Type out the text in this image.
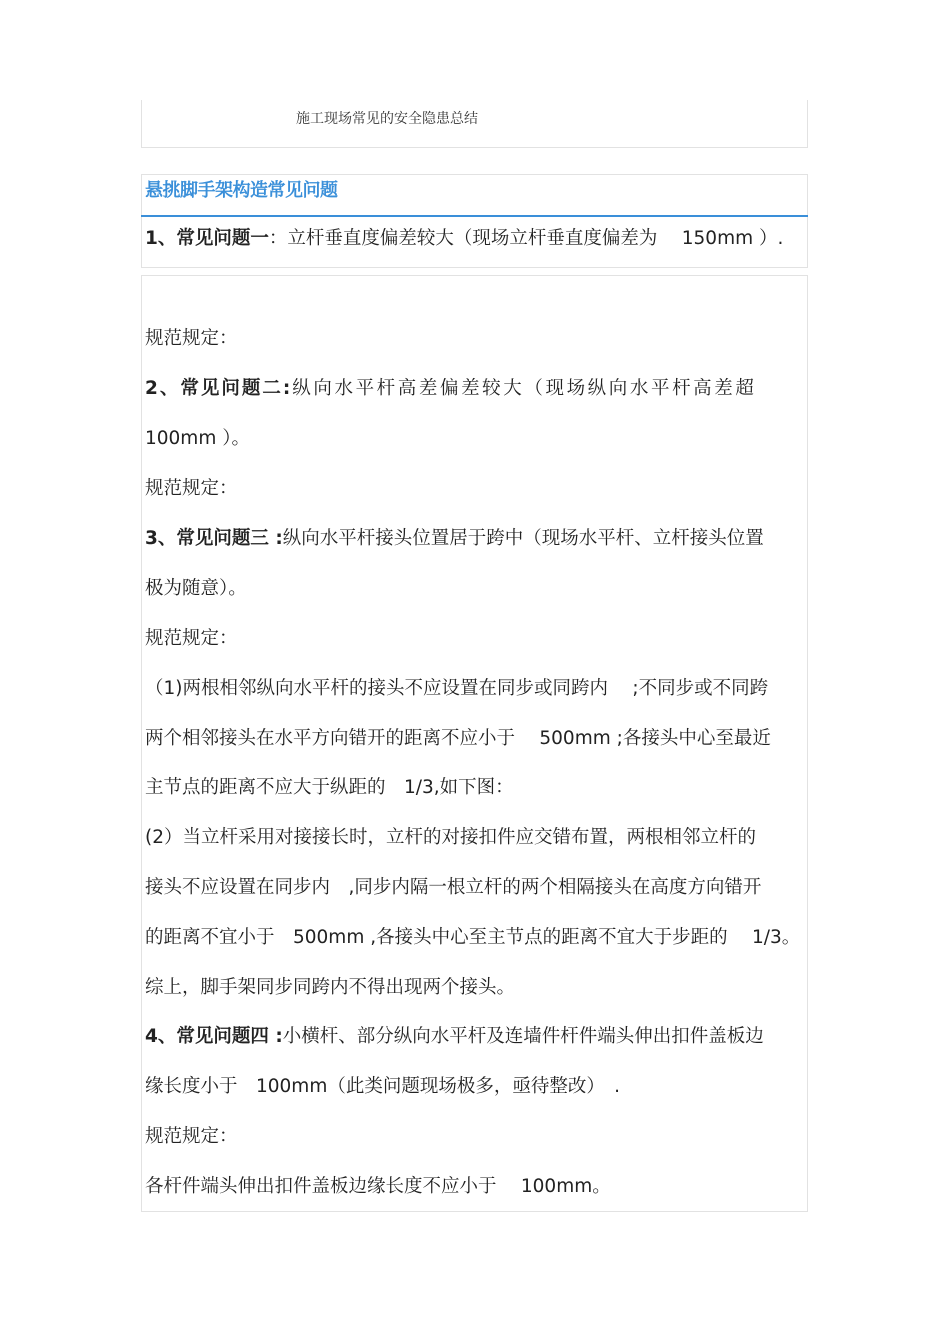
施工现场常见的安全隐患总结
悬挑脚手架构造常见问题
1、常见问题一：立杆垂直度偏差较大（现场立杆垂直度偏差为　 150mm ）.
规范规定：
2、常见问题二:纵向水平杆高差偏差较大（现场纵向水平杆高差超
100mm ）。
规范规定：
3、常见问题三 :纵向水平杆接头位置居于跨中（现场水平杆、立杆接头位置
极为随意）。
规范规定：
（1)两根相邻纵向水平杆的接头不应设置在同步或同跨内　 ;不同步或不同跨
两个相邻接头在水平方向错开的距离不应小于　 500mm ;各接头中心至最近
主节点的距离不应大于纵距的　1/3,如下图：
(2）当立杆采用对接接长时，立杆的对接扣件应交错布置，两根相邻立杆的
接头不应设置在同步内　,同步内隔一根立杆的两个相隔接头在高度方向错开
的距离不宜小于　500mm ,各接头中心至主节点的距离不宜大于步距的　 1/3。
综上，脚手架同步同跨内不得出现两个接头。
4、常见问题四 :小横杆、部分纵向水平杆及连墙件杆件端头伸出扣件盖板边
缘长度小于　100mm（此类问题现场极多，亟待整改）　.
规范规定：
各杆件端头伸出扣件盖板边缘长度不应小于　 100mm。
